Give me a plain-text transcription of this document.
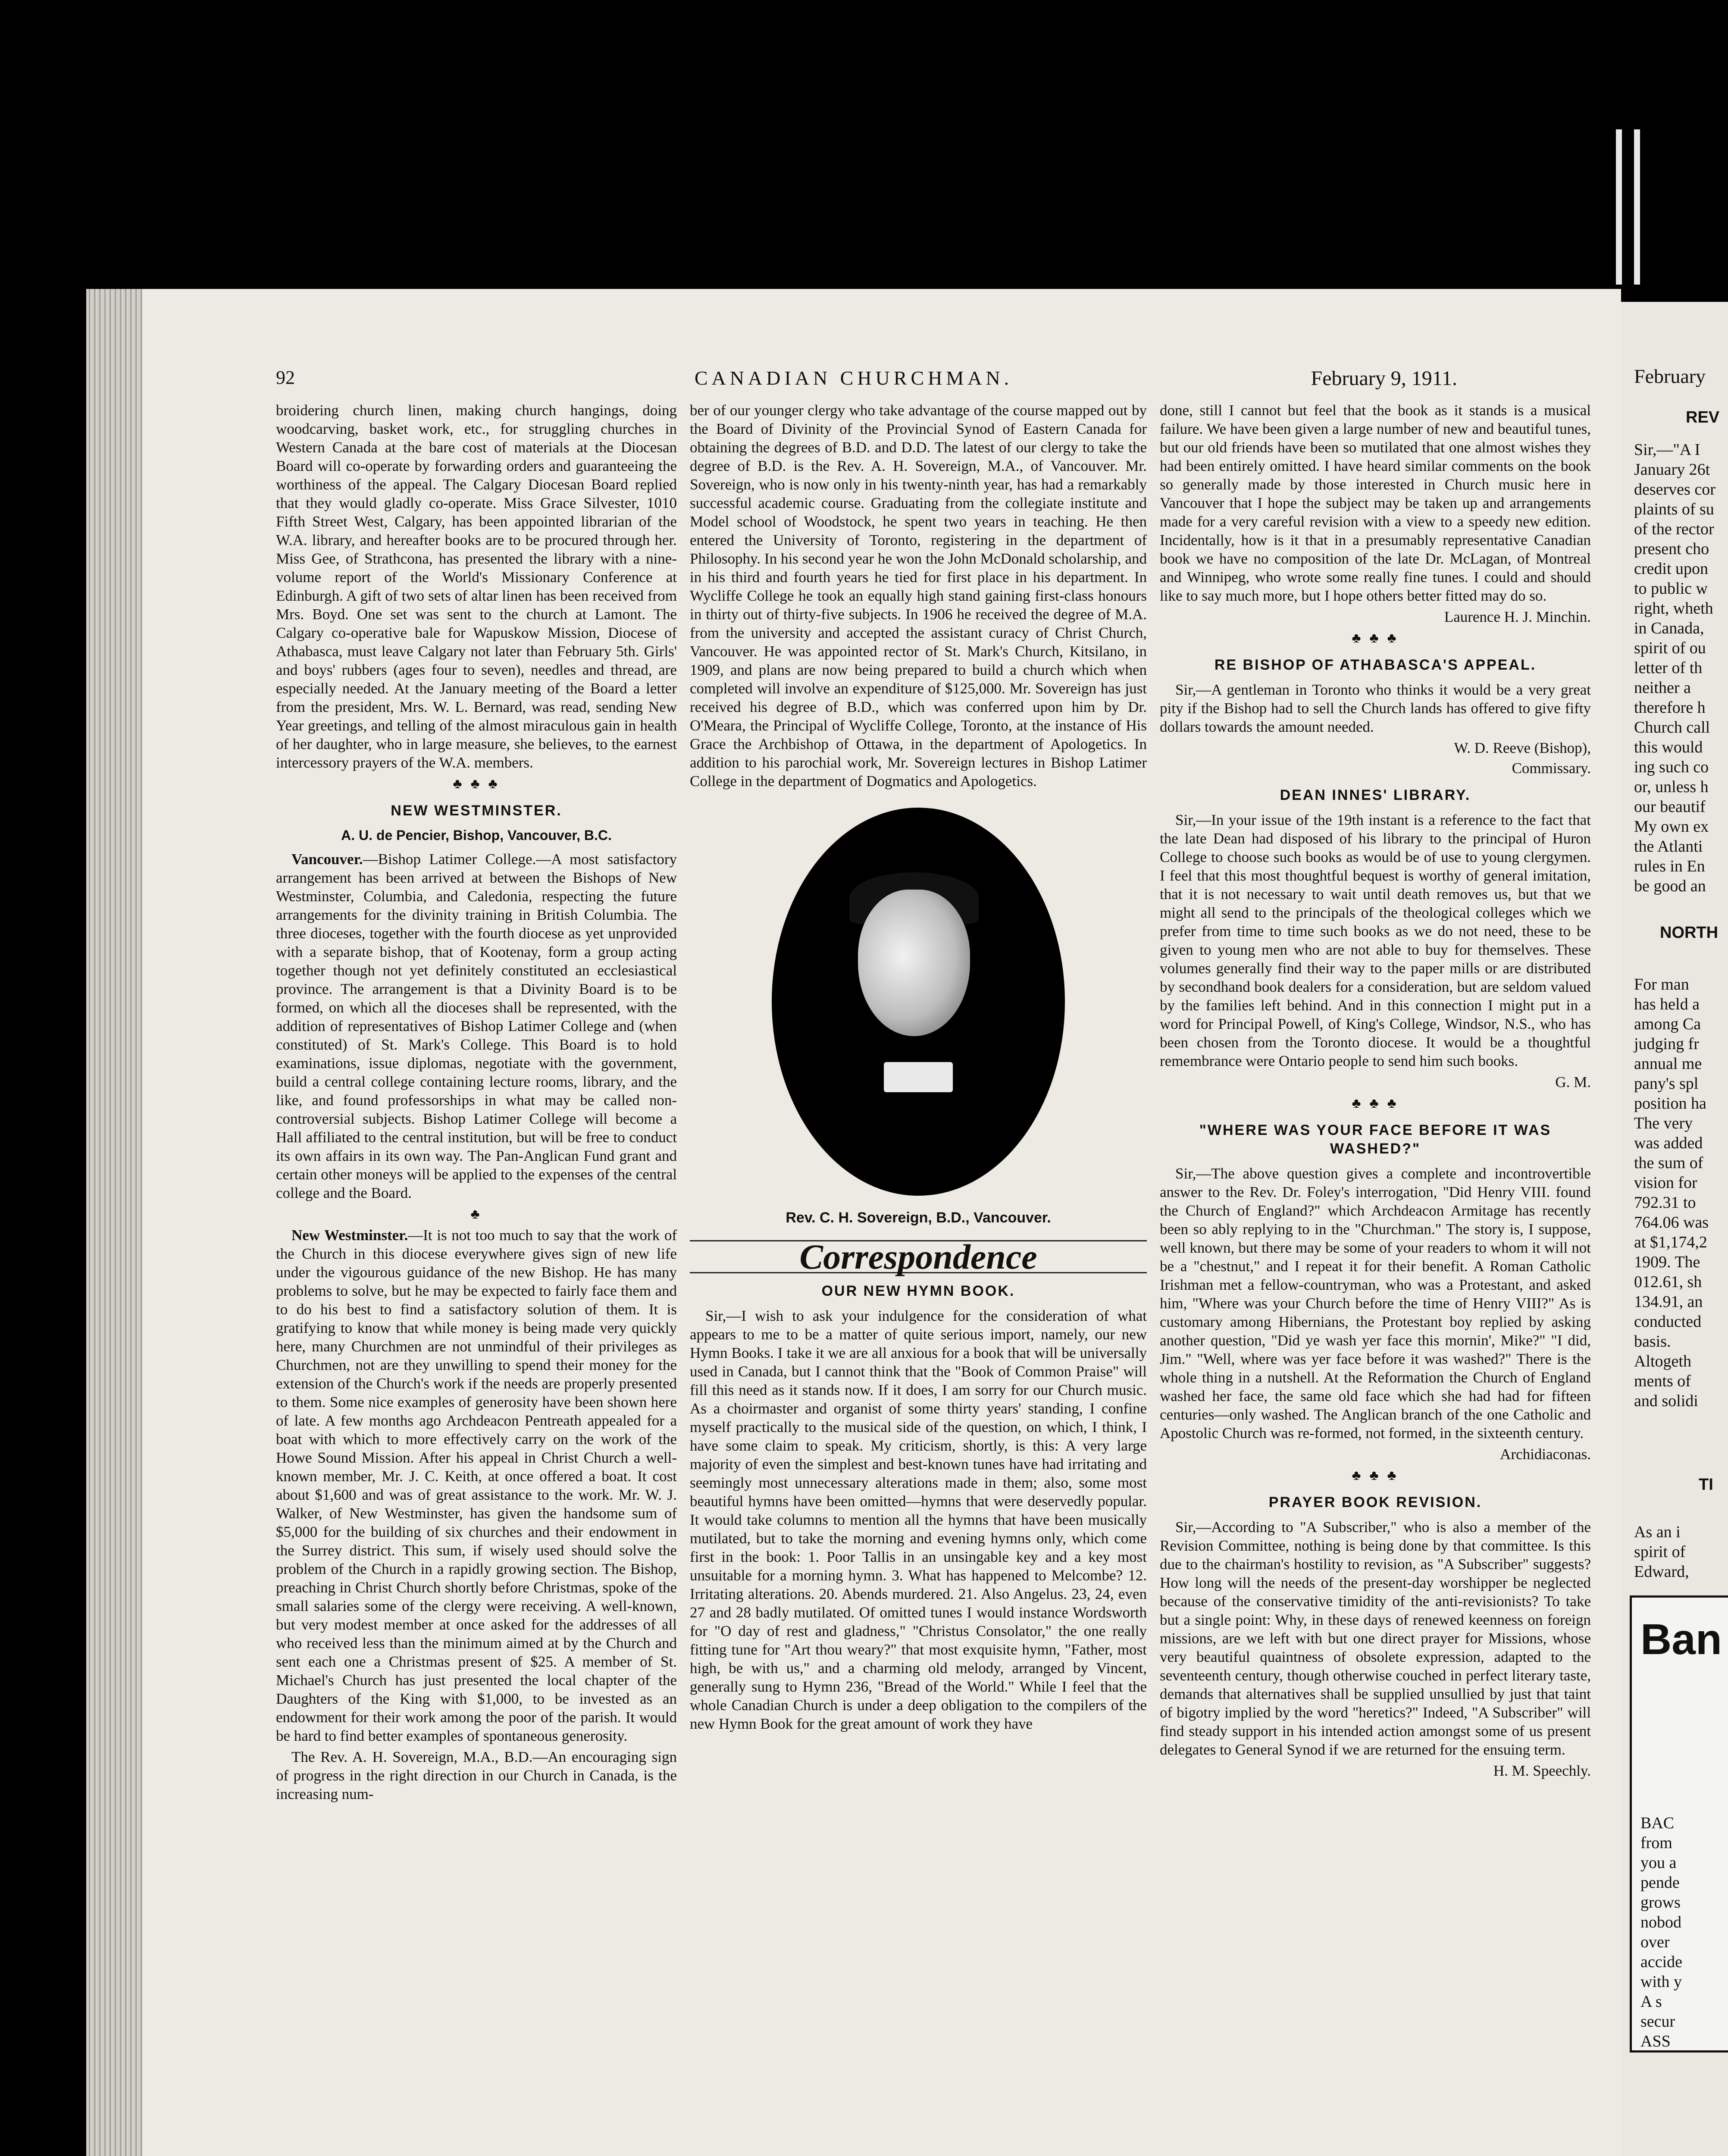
92	CANADIAN CHURCHMAN.	February 9, 1911.

broidering church linen, making church hangings, doing woodcarving, basket work, etc., for struggling churches in Western Canada at the bare cost of materials at the Diocesan Board will co-operate by forwarding orders and guaranteeing the worthiness of the appeal. The Calgary Diocesan Board replied that they would gladly co-operate. Miss Grace Silvester, 1010 Fifth Street West, Calgary, has been appointed librarian of the W.A. library, and hereafter books are to be procured through her. Miss Gee, of Strathcona, has presented the library with a nine-volume report of the World's Missionary Conference at Edinburgh. A gift of two sets of altar linen has been received from Mrs. Boyd. One set was sent to the church at Lamont. The Calgary co-operative bale for Wapuskow Mission, Diocese of Athabasca, must leave Calgary not later than February 5th. Girls' and boys' rubbers (ages four to seven), needles and thread, are especially needed. At the January meeting of the Board a letter from the president, Mrs. W. L. Bernard, was read, sending New Year greetings, and telling of the almost miraculous gain in health of her daughter, who in large measure, she believes, to the earnest intercessory prayers of the W.A. members.

♣ ♣ ♣
NEW WESTMINSTER.
A. U. de Pencier, Bishop, Vancouver, B.C.

Vancouver.—Bishop Latimer College.—A most satisfactory arrangement has been arrived at between the Bishops of New Westminster, Columbia, and Caledonia, respecting the future arrangements for the divinity training in British Columbia. The three dioceses, together with the fourth diocese as yet unprovided with a separate bishop, that of Kootenay, form a group acting together though not yet definitely constituted an ecclesiastical province. The arrangement is that a Divinity Board is to be formed, on which all the dioceses shall be represented, with the addition of representatives of Bishop Latimer College and (when constituted) of St. Mark's College. This Board is to hold examinations, issue diplomas, negotiate with the government, build a central college containing lecture rooms, library, and the like, and found professorships in what may be called non-controversial subjects. Bishop Latimer College will become a Hall affiliated to the central institution, but will be free to conduct its own affairs in its own way. The Pan-Anglican Fund grant and certain other moneys will be applied to the expenses of the central college and the Board.

♣

New Westminster.—It is not too much to say that the work of the Church in this diocese everywhere gives sign of new life under the vigourous guidance of the new Bishop. He has many problems to solve, but he may be expected to fairly face them and to do his best to find a satisfactory solution of them. It is gratifying to know that while money is being made very quickly here, many Churchmen are not unmindful of their privileges as Churchmen, not are they unwilling to spend their money for the extension of the Church's work if the needs are properly presented to them. Some nice examples of generosity have been shown here of late. A few months ago Archdeacon Pentreath appealed for a boat with which to more effectively carry on the work of the Howe Sound Mission. After his appeal in Christ Church a well-known member, Mr. J. C. Keith, at once offered a boat. It cost about $1,600 and was of great assistance to the work. Mr. W. J. Walker, of New Westminster, has given the handsome sum of $5,000 for the building of six churches and their endowment in the Surrey district. This sum, if wisely used should solve the problem of the Church in a rapidly growing section. The Bishop, preaching in Christ Church shortly before Christmas, spoke of the small salaries some of the clergy were receiving. A well-known, but very modest member at once asked for the addresses of all who received less than the minimum aimed at by the Church and sent each one a Christmas present of $25. A member of St. Michael's Church has just presented the local chapter of the Daughters of the King with $1,000, to be invested as an endowment for their work among the poor of the parish. It would be hard to find better examples of spontaneous generosity.

The Rev. A. H. Sovereign, M.A., B.D.—An encouraging sign of progress in the right direction in our Church in Canada, is the increasing num-

ber of our younger clergy who take advantage of the course mapped out by the Board of Divinity of the Provincial Synod of Eastern Canada for obtaining the degrees of B.D. and D.D. The latest of our clergy to take the degree of B.D. is the Rev. A. H. Sovereign, M.A., of Vancouver. Mr. Sovereign, who is now only in his twenty-ninth year, has had a remarkably successful academic course. Graduating from the collegiate institute and Model school of Woodstock, he spent two years in teaching. He then entered the University of Toronto, registering in the department of Philosophy. In his second year he won the John McDonald scholarship, and in his third and fourth years he tied for first place in his department. In Wycliffe College he took an equally high stand gaining first-class honours in thirty out of thirty-five subjects. In 1906 he received the degree of M.A. from the university and accepted the assistant curacy of Christ Church, Vancouver. He was appointed rector of St. Mark's Church, Kitsilano, in 1909, and plans are now being prepared to build a church which when completed will involve an expenditure of $125,000. Mr. Sovereign has just received his degree of B.D., which was conferred upon him by Dr. O'Meara, the Principal of Wycliffe College, Toronto, at the instance of His Grace the Archbishop of Ottawa, in the department of Apologetics. In addition to his parochial work, Mr. Sovereign lectures in Bishop Latimer College in the department of Dogmatics and Apologetics.

Rev. C. H. Sovereign, B.D., Vancouver.
Correspondence
OUR NEW HYMN BOOK.

Sir,—I wish to ask your indulgence for the consideration of what appears to me to be a matter of quite serious import, namely, our new Hymn Books. I take it we are all anxious for a book that will be universally used in Canada, but I cannot think that the "Book of Common Praise" will fill this need as it stands now. If it does, I am sorry for our Church music. As a choirmaster and organist of some thirty years' standing, I confine myself practically to the musical side of the question, on which, I think, I have some claim to speak. My criticism, shortly, is this: A very large majority of even the simplest and best-known tunes have had irritating and seemingly most unnecessary alterations made in them; also, some most beautiful hymns have been omitted—hymns that were deservedly popular. It would take columns to mention all the hymns that have been musically mutilated, but to take the morning and evening hymns only, which come first in the book: 1. Poor Tallis in an unsingable key and a key most unsuitable for a morning hymn. 3. What has happened to Melcombe? 12. Irritating alterations. 20. Abends murdered. 21. Also Angelus. 23, 24, even 27 and 28 badly mutilated. Of omitted tunes I would instance Wordsworth for "O day of rest and gladness," "Christus Consolator," the one really fitting tune for "Art thou weary?" that most exquisite hymn, "Father, most high, be with us," and a charming old melody, arranged by Vincent, generally sung to Hymn 236, "Bread of the World." While I feel that the whole Canadian Church is under a deep obligation to the compilers of the new Hymn Book for the great amount of work they have

done, still I cannot but feel that the book as it stands is a musical failure. We have been given a large number of new and beautiful tunes, but our old friends have been so mutilated that one almost wishes they had been entirely omitted. I have heard similar comments on the book so generally made by those interested in Church music here in Vancouver that I hope the subject may be taken up and arrangements made for a very careful revision with a view to a speedy new edition. Incidentally, how is it that in a presumably representative Canadian book we have no composition of the late Dr. McLagan, of Montreal and Winnipeg, who wrote some really fine tunes. I could and should like to say much more, but I hope others better fitted may do so.

Laurence H. J. Minchin.
♣ ♣ ♣
RE BISHOP OF ATHABASCA'S APPEAL.

Sir,—A gentleman in Toronto who thinks it would be a very great pity if the Bishop had to sell the Church lands has offered to give fifty dollars towards the amount needed.

W. D. Reeve (Bishop),
Commissary.
DEAN INNES' LIBRARY.

Sir,—In your issue of the 19th instant is a reference to the fact that the late Dean had disposed of his library to the principal of Huron College to choose such books as would be of use to young clergymen. I feel that this most thoughtful bequest is worthy of general imitation, that it is not necessary to wait until death removes us, but that we might all send to the principals of the theological colleges which we prefer from time to time such books as we do not need, these to be given to young men who are not able to buy for themselves. These volumes generally find their way to the paper mills or are distributed by secondhand book dealers for a consideration, but are seldom valued by the families left behind. And in this connection I might put in a word for Principal Powell, of King's College, Windsor, N.S., who has been chosen from the Toronto diocese. It would be a thoughtful remembrance were Ontario people to send him such books.

G. M.
♣ ♣ ♣
"WHERE WAS YOUR FACE BEFORE IT WAS WASHED?"

Sir,—The above question gives a complete and incontrovertible answer to the Rev. Dr. Foley's interrogation, "Did Henry VIII. found the Church of England?" which Archdeacon Armitage has recently been so ably replying to in the "Churchman." The story is, I suppose, well known, but there may be some of your readers to whom it will not be a "chestnut," and I repeat it for their benefit. A Roman Catholic Irishman met a fellow-countryman, who was a Protestant, and asked him, "Where was your Church before the time of Henry VIII?" As is customary among Hibernians, the Protestant boy replied by asking another question, "Did ye wash yer face this mornin', Mike?" "I did, Jim." "Well, where was yer face before it was washed?" There is the whole thing in a nutshell. At the Reformation the Church of England washed her face, the same old face which she had had for fifteen centuries—only washed. The Anglican branch of the one Catholic and Apostolic Church was re-formed, not formed, in the sixteenth century.

Archidiaconas.
♣ ♣ ♣
PRAYER BOOK REVISION.

Sir,—According to "A Subscriber," who is also a member of the Revision Committee, nothing is being done by that committee. Is this due to the chairman's hostility to revision, as "A Subscriber" suggests? How long will the needs of the present-day worshipper be neglected because of the conservative timidity of the anti-revisionists? To take but a single point: Why, in these days of renewed keenness on foreign missions, are we left with but one direct prayer for Missions, whose very beautiful quaintness of obsolete expression, adapted to the seventeenth century, though otherwise couched in perfect literary taste, demands that alternatives shall be supplied unsullied by just that taint of bigotry implied by the word "heretics?" Indeed, "A Subscriber" will find steady support in his intended action amongst some of us present delegates to General Synod if we are returned for the ensuing term.

H. M. Speechly.
February
REV
Sir,—"A I
January 26t
deserves cor
plaints of su
of the rector
present cho
credit upon
to public w
right, wheth
in Canada,
spirit of ou
letter of th
neither a
therefore h
Church call
this would
ing such co
or, unless h
our beautif
My own ex
the Atlanti
rules in En
be good an
NORTH
For man
has held a
among Ca
judging fr
annual me
pany's spl
position ha
The very
was added
the sum of
vision for
792.31 to
764.06 was
at $1,174,2
1909. The
012.61, sh
134.91, an
conducted
basis.
Altogeth
ments of
and solidi
TI
As an i
spirit of
Edward,
Ban
BAC
from
you a
pende
grows
nobod
over
accide
with y
A s
secur
ASS
